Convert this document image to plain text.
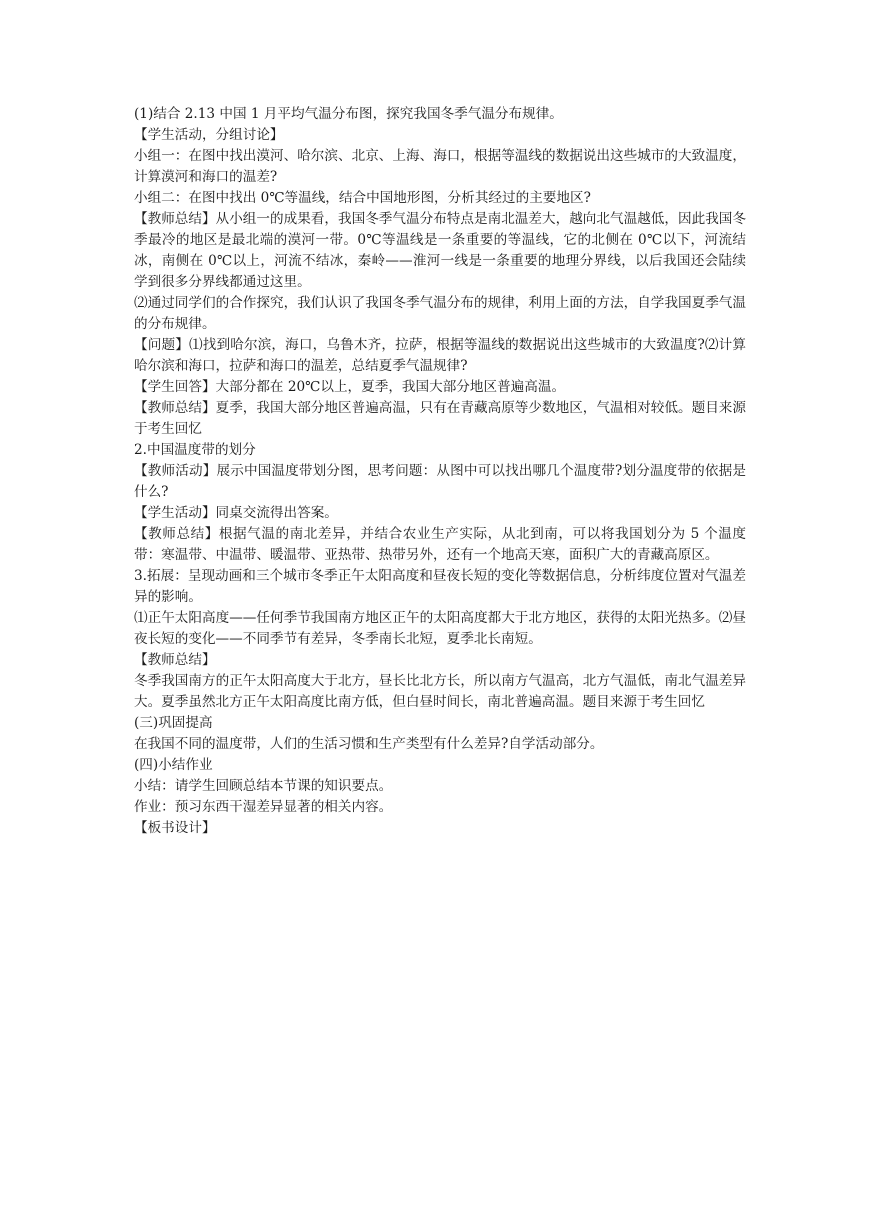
(1)结合 2.13 中国 1 月平均气温分布图，探究我国冬季气温分布规律。

【学生活动，分组讨论】

小组一：在图中找出漠河、哈尔滨、北京、上海、海口，根据等温线的数据说出这些城市的大致温度，计算漠河和海口的温差?

小组二：在图中找出 0℃等温线，结合中国地形图，分析其经过的主要地区?

【教师总结】从小组一的成果看，我国冬季气温分布特点是南北温差大，越向北气温越低，因此我国冬季最冷的地区是最北端的漠河一带。0℃等温线是一条重要的等温线，它的北侧在 0℃以下，河流结冰，南侧在 0℃以上，河流不结冰，秦岭——淮河一线是一条重要的地理分界线，以后我国还会陆续学到很多分界线都通过这里。

⑵通过同学们的合作探究，我们认识了我国冬季气温分布的规律，利用上面的方法，自学我国夏季气温的分布规律。

【问题】⑴找到哈尔滨，海口，乌鲁木齐，拉萨，根据等温线的数据说出这些城市的大致温度?⑵计算哈尔滨和海口，拉萨和海口的温差，总结夏季气温规律?

【学生回答】大部分都在 20℃以上，夏季，我国大部分地区普遍高温。

【教师总结】夏季，我国大部分地区普遍高温，只有在青藏高原等少数地区，气温相对较低。题目来源于考生回忆

2.中国温度带的划分

【教师活动】展示中国温度带划分图，思考问题：从图中可以找出哪几个温度带?划分温度带的依据是什么?

【学生活动】同桌交流得出答案。

【教师总结】根据气温的南北差异，并结合农业生产实际，从北到南，可以将我国划分为 5 个温度带：寒温带、中温带、暖温带、亚热带、热带另外，还有一个地高天寒，面积广大的青藏高原区。

3.拓展：呈现动画和三个城市冬季正午太阳高度和昼夜长短的变化等数据信息，分析纬度位置对气温差异的影响。

⑴正午太阳高度——任何季节我国南方地区正午的太阳高度都大于北方地区，获得的太阳光热多。⑵昼夜长短的变化——不同季节有差异，冬季南长北短，夏季北长南短。

【教师总结】

冬季我国南方的正午太阳高度大于北方，昼长比北方长，所以南方气温高，北方气温低，南北气温差异大。夏季虽然北方正午太阳高度比南方低，但白昼时间长，南北普遍高温。题目来源于考生回忆

(三)巩固提高

在我国不同的温度带，人们的生活习惯和生产类型有什么差异?自学活动部分。

(四)小结作业

小结：请学生回顾总结本节课的知识要点。

作业：预习东西干湿差异显著的相关内容。

【板书设计】
